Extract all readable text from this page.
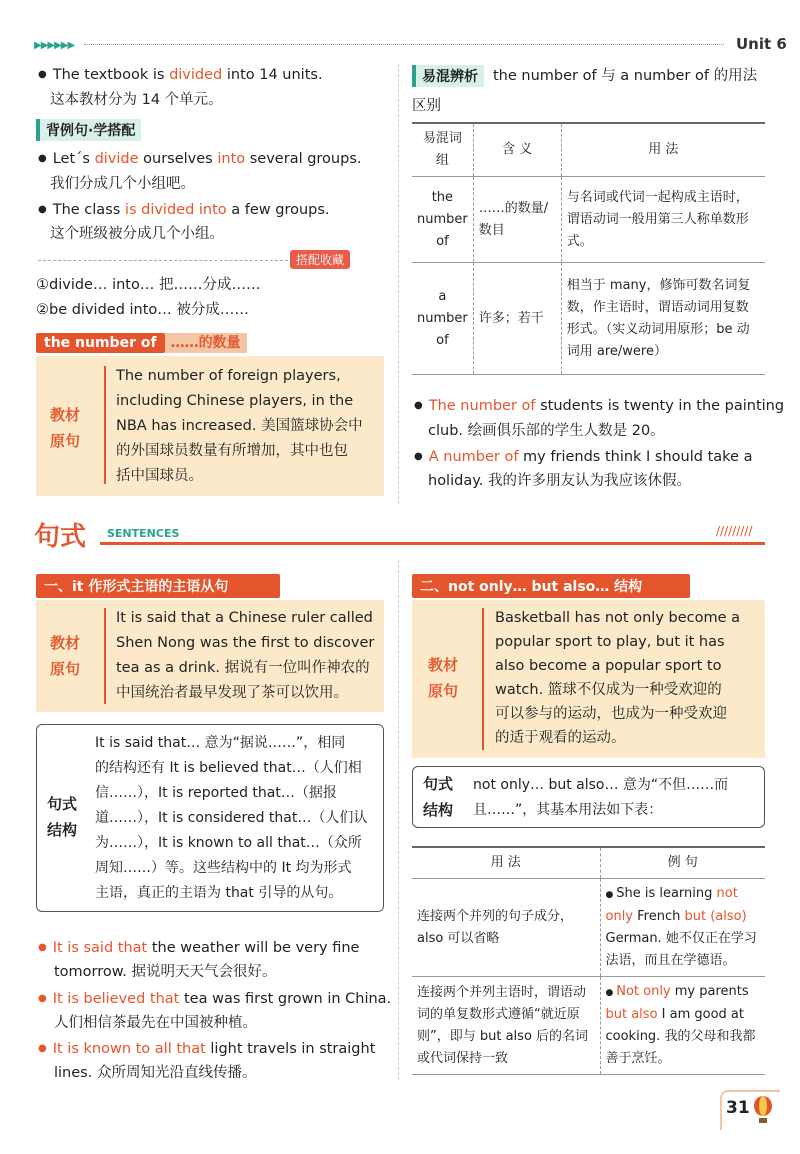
▶▶▶▶▶▶	Unit 6
● The textbook is divided into 14 units.
这本教材分为 14 个单元。
背例句·学搭配
● Let´s divide ourselves into several groups.
我们分成几个小组吧。
● The class is divided into a few groups.
这个班级被分成几个小组。
搭配收藏
①divide… into… 把……分成……
②be divided into… 被分成……
the number of ……的数量
教材
原句
The number of foreign players,
including Chinese players, in the
NBA has increased. 美国篮球协会中
的外国球员数量有所增加，其中也包
括中国球员。
易混辨析	the number of 与 a number of 的用法
区别
易混词组	含 义	用 法
the number of	……的数量/数目	与名词或代词一起构成主语时，谓语动词一般用第三人称单数形式。
a number of	许多；若干	相当于 many，修饰可数名词复数，作主语时，谓语动词用复数形式。（实义动词用原形；be 动词用 are/were）
● The number of students is twenty in the painting
club. 绘画俱乐部的学生人数是 20。
● A number of my friends think I should take a
holiday. 我的许多朋友认为我应该休假。
句式 SENTENCES	/////////
一、it 作形式主语的主语从句
教材
原句
It is said that a Chinese ruler called
Shen Nong was the first to discover
tea as a drink. 据说有一位叫作神农的
中国统治者最早发现了茶可以饮用。
句式
结构
It is said that… 意为“据说……”，相同
的结构还有 It is believed that…（人们相
信……），It is reported that…（据报
道……），It is considered that…（人们认
为……），It is known to all that…（众所
周知……）等。这些结构中的 It 均为形式
主语，真正的主语为 that 引导的从句。
● It is said that the weather will be very fine
tomorrow. 据说明天天气会很好。
● It is believed that tea was first grown in China.
人们相信茶最先在中国被种植。
● It is known to all that light travels in straight
lines. 众所周知光沿直线传播。
二、not only… but also… 结构
教材
原句
Basketball has not only become a
popular sport to play, but it has
also become a popular sport to
watch. 篮球不仅成为一种受欢迎的
可以参与的运动，也成为一种受欢迎
的适于观看的运动。
句式
结构
not only… but also… 意为“不但……而
且……”，其基本用法如下表：
用 法	例 句
连接两个并列的句子成分，also 可以省略	● She is learning not only French but (also) German. 她不仅正在学习法语，而且在学德语。
连接两个并列主语时，谓语动词的单复数形式遵循“就近原则”，即与 but also 后的名词或代词保持一致	● Not only my parents but also I am good at cooking. 我的父母和我都善于烹饪。
31
